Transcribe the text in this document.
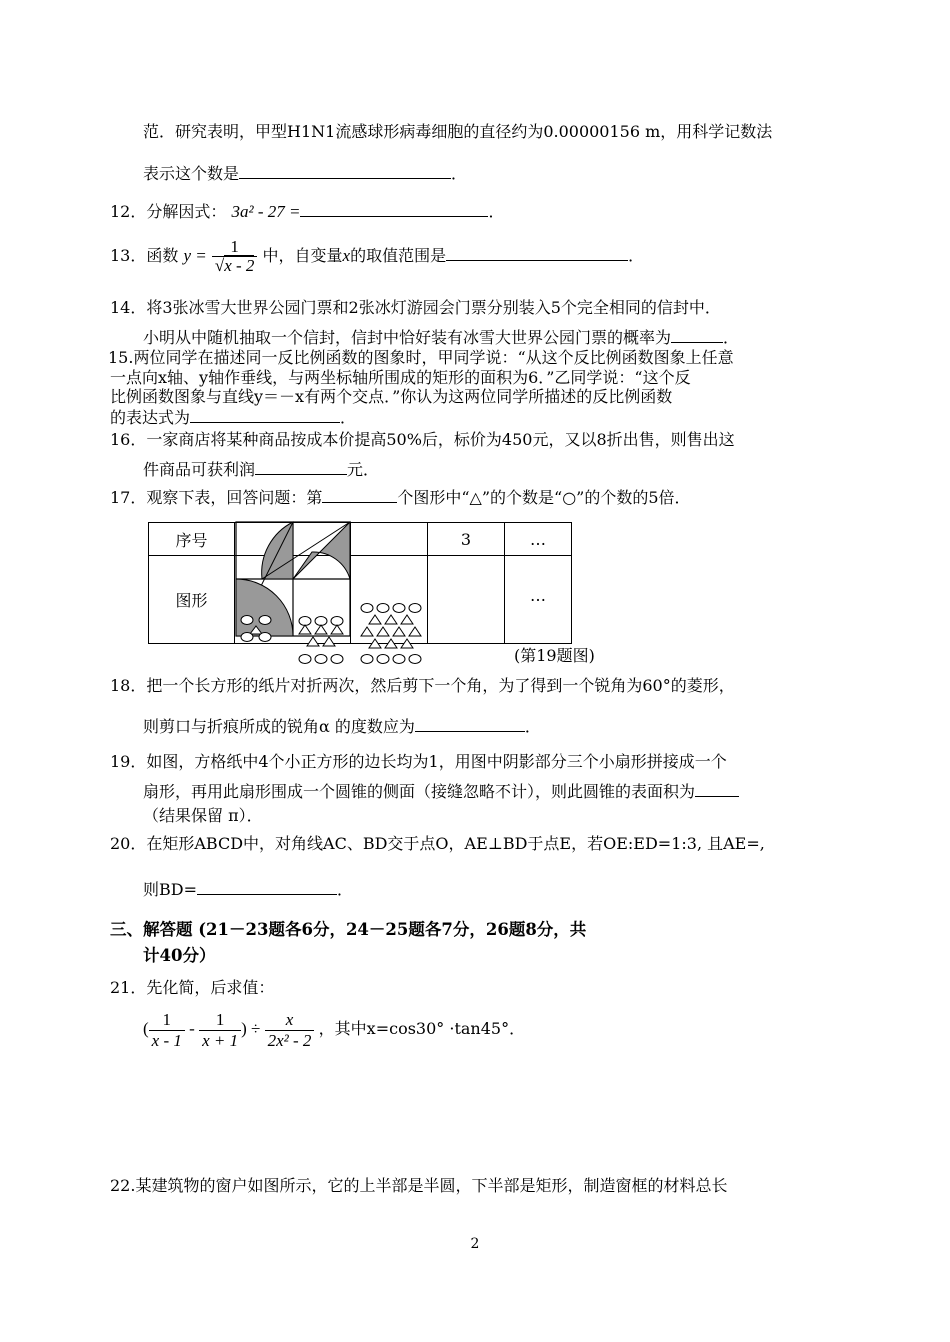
范．研究表明，甲型H1N1流感球形病毒细胞的直径约为0.00000156 m，用科学记数法
表示这个数是	．
12．分解因式： 3a² - 27 =	．
13．函数 $y = \frac{1}{√x - 2}$ 中，自变量x的取值范围是	．
14．将3张冰雪大世界公园门票和2张冰灯游园会门票分别装入5个完全相同的信封中．
小明从中随机抽取一个信封，信封中恰好装有冰雪大世界公园门票的概率为	．
15.两位同学在描述同一反比例函数的图象时，甲同学说：“从这个反比例函数图象上任意
一点向x轴、y轴作垂线，与两坐标轴所围成的矩形的面积为6．”乙同学说：“这个反
比例函数图象与直线y＝－x有两个交点．”你认为这两位同学所描述的反比例函数
的表达式为	．
16．一家商店将某种商品按成本价提高50%后，标价为450元，又以8折出售，则售出这
件商品可获利润	元．
17．观察下表，回答问题：第	个图形中“△”的个数是“○”的个数的5倍．
序号			3	…
图形				…
(第19题图)
18．把一个长方形的纸片对折两次，然后剪下一个角，为了得到一个锐角为60°的菱形，
则剪口与折痕所成的锐角α 的度数应为	．
19．如图，方格纸中4个小正方形的边长均为1，用图中阴影部分三个小扇形拼接成一个
扇形，再用此扇形围成一个圆锥的侧面（接缝忽略不计），则此圆锥的表面积为
（结果保留 π）．
20．在矩形ABCD中，对角线AC、BD交于点O，AE⊥BD于点E，若OE:ED=1:3, 且AE=,
则BD=	．
三、解答题 (21－23题各6分，24－25题各7分，26题8分，共
计40分）
21．先化简，后求值：
( $\frac{1}{x - 1} - \frac{1}{x + 1}$ ) ÷ $\frac{x}{\text{2x² - 2}}$ ，其中x=cos30° ·tan45°．
22.某建筑物的窗户如图所示，它的上半部是半圆，下半部是矩形，制造窗框的材料总长
2
